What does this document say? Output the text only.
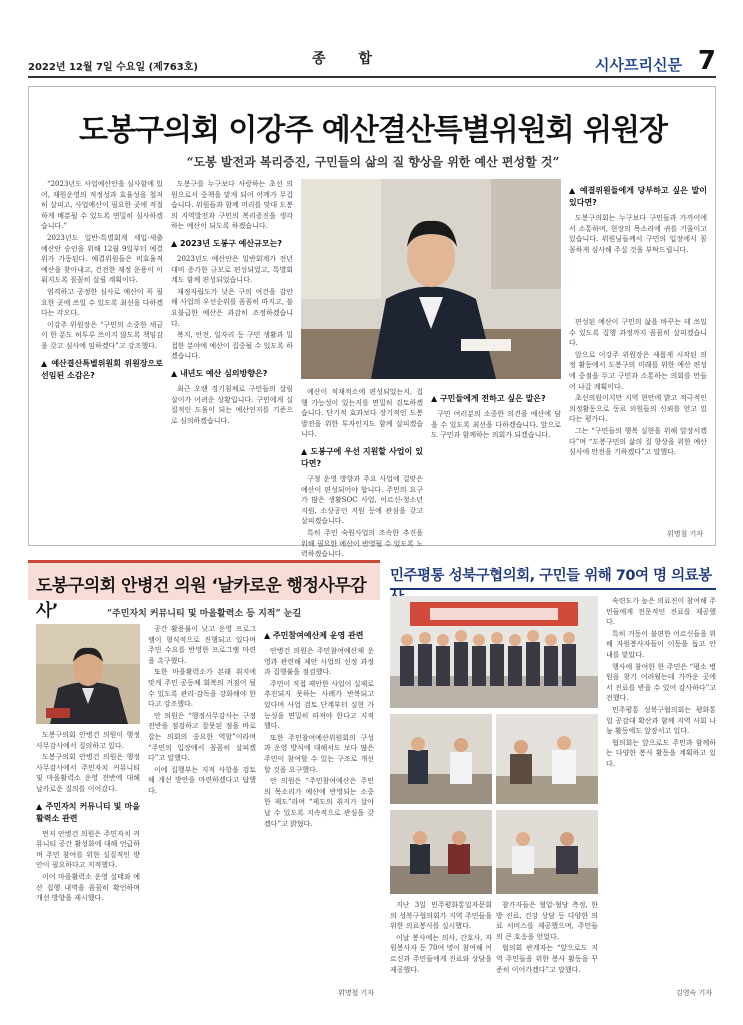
2022년 12월 7일 수요일 (제763호)
종 합	시사프리신문 7
도봉구의회 이강주 예산결산특별위원회 위원장
“도봉 발전과 복리증진, 구민들의 삶의 질 향상을 위한 예산 편성할 것”

“2023년도 사업예산안을 심사함에 있어, 재원운영의 적정성과 효율성을 철저히 살피고, 사업예산이 필요한 곳에 적절하게 배분될 수 있도록 면밀히 심사하겠습니다.”

2023년도 일반·특별회계 세입·세출 예산안 승인을 위해 12월 9일부터 예결위가 가동된다. 예결위원들은 비효율적 예산을 찾아내고, 건전한 재정 운용이 이뤄지도록 꼼꼼히 살필 계획이다.

엄격하고 공정한 심사로 예산이 꼭 필요한 곳에 쓰일 수 있도록 최선을 다하겠다는 각오다.

이강주 위원장은 “구민의 소중한 세금이 한 푼도 허투루 쓰이지 않도록 책임감을 갖고 심사에 임하겠다”고 강조했다.

▲ 예산결산특별위원회 위원장으로 선임된 소감은?

도봉구를 누구보다 사랑하는 초선 의원으로서 중책을 맡게 되어 어깨가 무겁습니다. 위원들과 함께 머리를 맞대 도봉의 지역발전과 구민의 복리증진을 생각하는 예산이 되도록 하겠습니다.

▲ 2023년 도봉구 예산규모는?

2023년도 예산안은 일반회계가 전년 대비 증가한 규모로 편성되었고, 특별회계도 함께 편성되었습니다.

재정자립도가 낮은 구의 여건을 감안해 사업의 우선순위를 꼼꼼히 따지고, 불요불급한 예산은 과감히 조정하겠습니다.

복지, 안전, 일자리 등 구민 생활과 밀접한 분야에 예산이 집중될 수 있도록 하겠습니다.

▲ 내년도 예산 심의방향은?

최근 오랜 경기침체로 구민들의 살림살이가 어려운 상황입니다. 구민에게 실질적인 도움이 되는 예산인지를 기준으로 심의하겠습니다.

예산이 적재적소에 편성되었는지, 집행 가능성이 있는지를 면밀히 검토하겠습니다. 단기적 효과보다 장기적인 도봉 발전을 위한 투자인지도 함께 살피겠습니다.

▲ 도봉구에 우선 지원할 사업이 있다면?

구청 운영 방향과 주요 사업에 걸맞은 예산이 편성되어야 합니다. 주민의 요구가 많은 생활SOC 사업, 어르신·청소년 지원, 소상공인 지원 등에 관심을 갖고 살피겠습니다.

특히 주민 숙원사업의 조속한 추진을 위해 필요한 예산이 반영될 수 있도록 노력하겠습니다.

▲ 구민들에게 전하고 싶은 말은?

구민 여러분의 소중한 의견을 예산에 담을 수 있도록 최선을 다하겠습니다. 앞으로도 구민과 함께하는 의회가 되겠습니다.

▲ 예결위원들에게 당부하고 싶은 말이 있다면?

도봉구의회는 누구보다 구민들과 가까이에서 소통하며, 현장의 목소리에 귀를 기울이고 있습니다. 위원님들께서 구민의 입장에서 꼼꼼하게 심사해 주실 것을 부탁드립니다.

편성된 예산이 구민의 삶을 바꾸는 데 쓰일 수 있도록 집행 과정까지 꼼꼼히 살피겠습니다.

앞으로 이강주 위원장은 새롭게 시작된 의정 활동에서 도봉구의 미래를 위한 예산 편성에 중점을 두고 구민과 소통하는 의회를 만들어 나갈 계획이다.

초선의원이지만 지역 현안에 밝고 적극적인 의정활동으로 동료 의원들의 신뢰를 얻고 있다는 평가다.

그는 “구민들의 행복 실현을 위해 앞장서겠다”며 “도봉구민의 삶의 질 향상을 위한 예산 심사에 만전을 기하겠다”고 말했다.

위명철 기자
도봉구의회 안병건 의원 ‘날카로운 행정사무감사’	“주민자치 커뮤니티 및 마을활력소 등 지적” 눈길

도봉구의회 안병건 의원이 행정사무감사에서 질의하고 있다.

도봉구의회 안병건 의원은 행정사무감사에서 주민자치 커뮤니티 및 마을활력소 운영 전반에 대해 날카로운 질의를 이어갔다.

▲ 주민자치 커뮤니티 및 마을활력소 관련

먼저 안병건 의원은 주민자치 커뮤니티 공간 활성화에 대해 언급하며 주민 참여를 위한 실질적인 방안이 필요하다고 지적했다.

이어 마을활력소 운영 실태와 예산 집행 내역을 꼼꼼히 확인하며 개선 방향을 제시했다.

공간 활용률이 낮고 운영 프로그램이 형식적으로 진행되고 있다며 주민 수요를 반영한 프로그램 마련을 촉구했다.

또한 마을활력소가 본래 취지에 맞게 주민 공동체 회복의 거점이 될 수 있도록 관리·감독을 강화해야 한다고 강조했다.

안 의원은 “행정사무감사는 구정 전반을 점검하고 잘못된 점을 바로잡는 의회의 중요한 역할”이라며 “주민의 입장에서 꼼꼼히 살피겠다”고 말했다.

이에 집행부는 지적 사항을 검토해 개선 방안을 마련하겠다고 답했다.

▲ 주민참여예산제 운영 관련

안병건 의원은 주민참여예산제 운영과 관련해 제안 사업의 선정 과정과 집행률을 점검했다.

주민이 직접 제안한 사업이 실제로 추진되지 못하는 사례가 반복되고 있다며 사업 검토 단계부터 실현 가능성을 면밀히 따져야 한다고 지적했다.

또한 주민참여예산위원회의 구성과 운영 방식에 대해서도 보다 많은 주민이 참여할 수 있는 구조로 개선할 것을 요구했다.

안 의원은 “주민참여예산은 주민의 목소리가 예산에 반영되는 소중한 제도”라며 “제도의 취지가 살아날 수 있도록 지속적으로 관심을 갖겠다”고 밝혔다.

위명철 기자
민주평통 성북구협의회, 구민들 위해 70여 명 의료봉

지난 3일 민주평화통일자문회의 성북구협의회가 지역 주민들을 위한 의료봉사를 실시했다.

이날 봉사에는 의사, 간호사, 자원봉사자 등 70여 명이 참여해 어르신과 주민들에게 진료와 상담을 제공했다.

참가자들은 혈압·혈당 측정, 한방 진료, 건강 상담 등 다양한 의료 서비스를 제공했으며, 주민들의 큰 호응을 얻었다.

협의회 관계자는 “앞으로도 지역 주민들을 위한 봉사 활동을 꾸준히 이어가겠다”고 말했다.

숙련도가 높은 의료진이 참여해 주민들에게 전문적인 진료를 제공했다.

특히 거동이 불편한 어르신들을 위해 자원봉사자들이 이동을 돕고 안내를 맡았다.

행사에 참여한 한 주민은 “평소 병원을 찾기 어려웠는데 가까운 곳에서 진료를 받을 수 있어 감사하다”고 전했다.

민주평통 성북구협의회는 평화통일 공감대 확산과 함께 지역 사회 나눔 활동에도 앞장서고 있다.

협의회는 앞으로도 주민과 함께하는 다양한 봉사 활동을 계획하고 있다.

김영숙 기자
